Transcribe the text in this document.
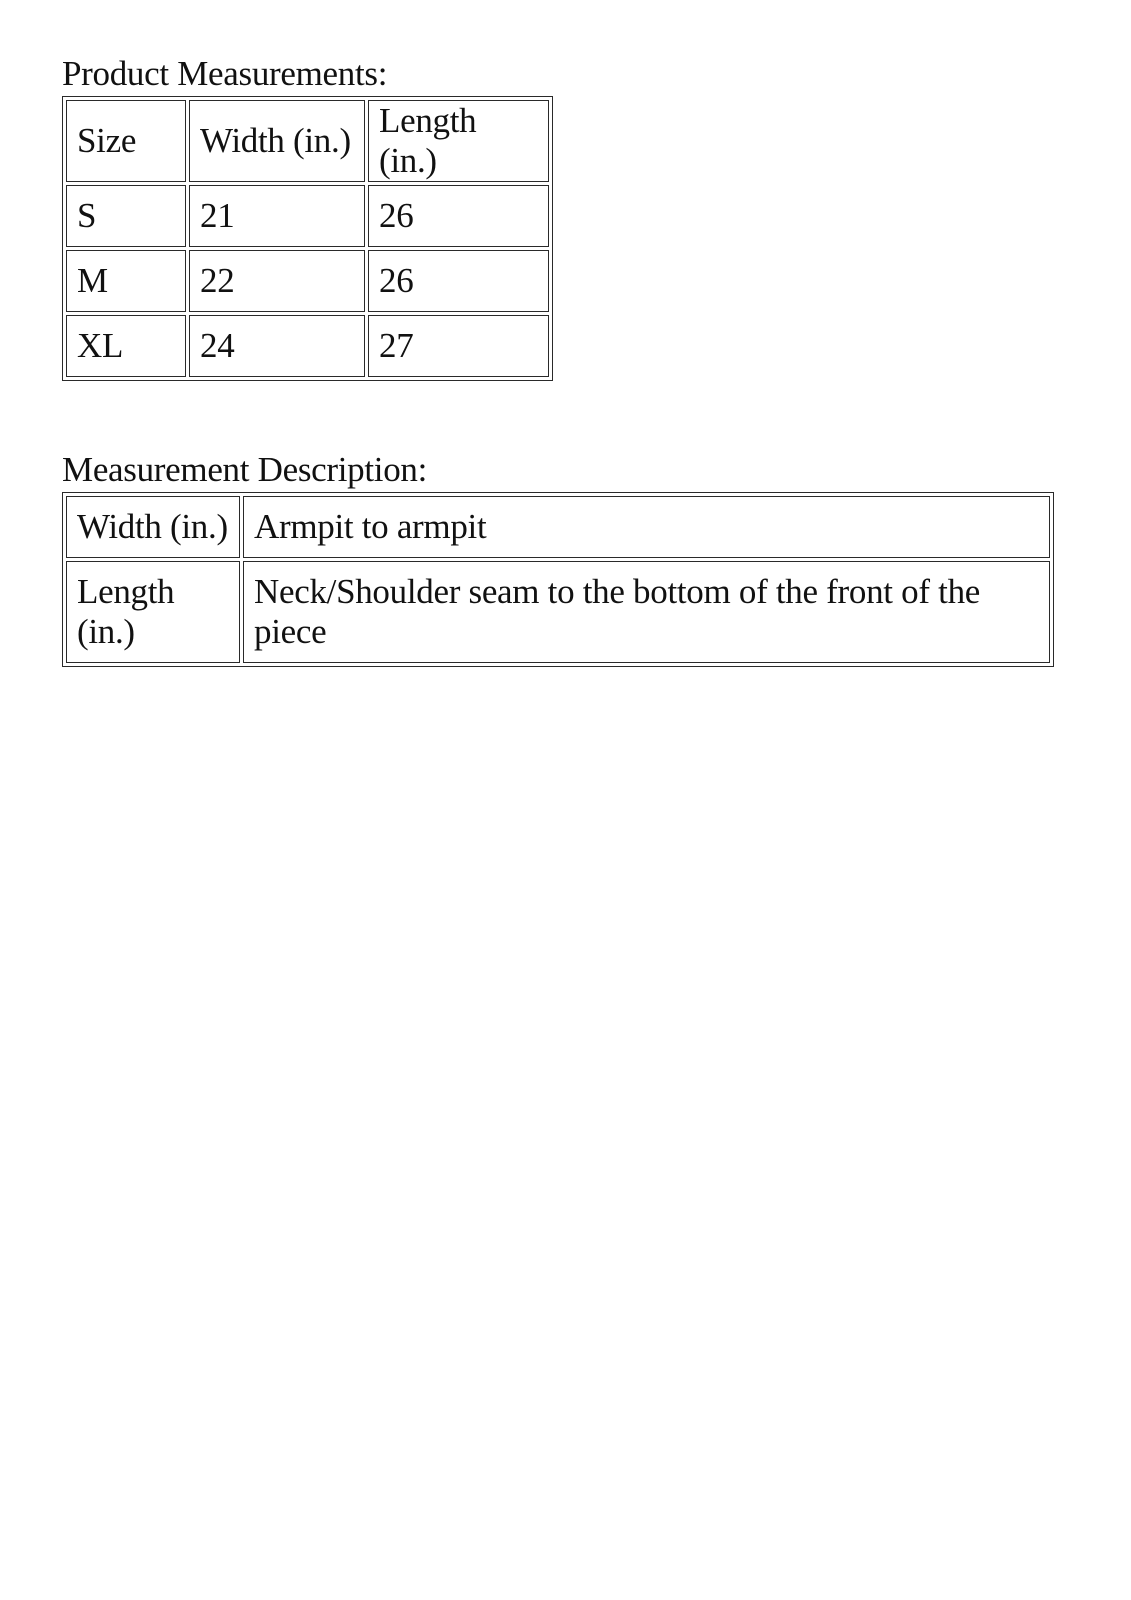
Product Measurements:
Size	Width (in.)	Length (in.)
S	21	26
M	22	26
XL	24	27
Measurement Description:
Width (in.)	Armpit to armpit
Length (in.)	Neck/Shoulder seam to the bottom of the front of the piece
